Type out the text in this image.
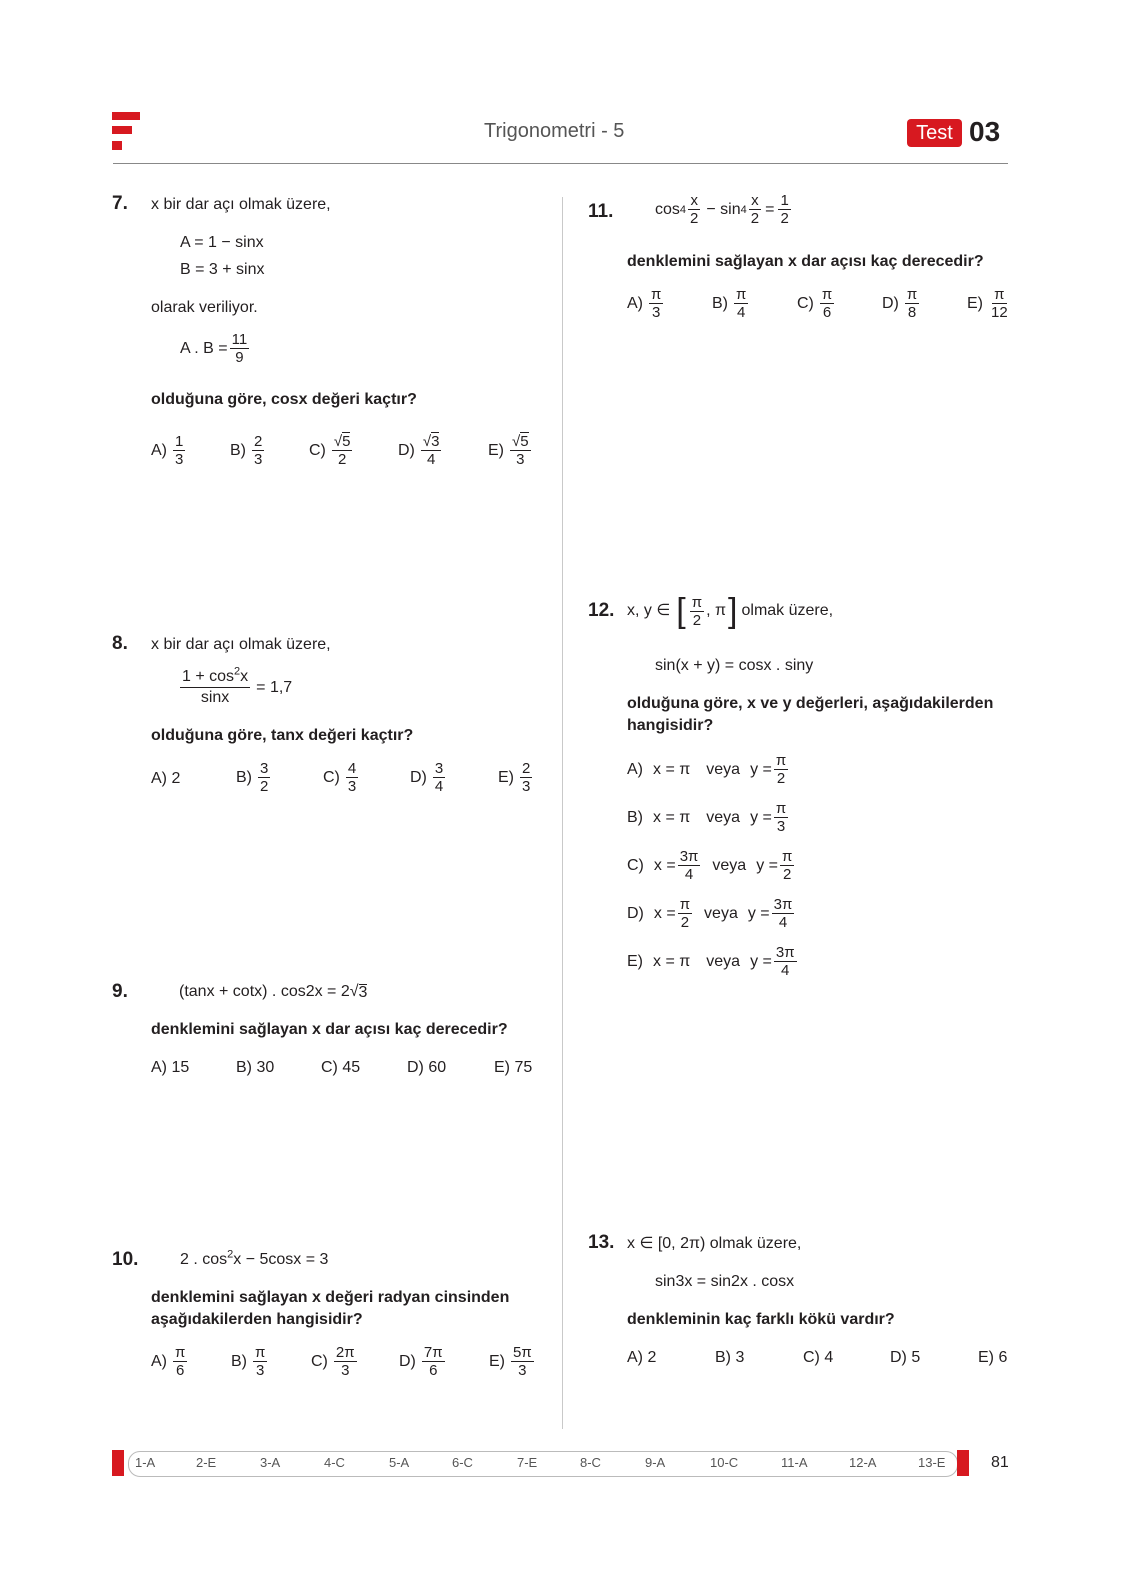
Trigonometri - 5	Test 03
7. x bir dar açı olmak üzere,
A = 1 − sinx
B = 3 + sinx
olarak veriliyor.
A . $B = \frac{11}{9}$
olduğuna göre, cosx değeri kaçtır?
$A) \frac{1}{3}$	$B) \frac{2}{3}$	$C) \frac{√5}{2}$	$D) \frac{√3}{4}$	$E) \frac{√5}{3}$
8. x bir dar açı olmak üzere,
$\frac{1 + \cos^2x}{\sin x} = 1,7$
olduğuna göre, tanx değeri kaçtır?
A) 2	$B) \frac{3}{2}$	$C) \frac{4}{3}$	$D) \frac{3}{4}$	$E) \frac{2}{3}$
9.	(tanx + cotx) . cos2x = 2 √ 3
denklemini sağlayan x dar açısı kaç derecedir?
A) 15	B) 30	C) 45	D) 60	E) 75
10.	2 . $\cos^2x - 5\cos x = 3$
denklemini sağlayan x değeri radyan cinsinden
aşağıdakilerden hangisidir?
$A) \frac{\pi}{6}$	$B) \frac{\pi}{3}$	$C) \frac{2\pi}{3}$	$D) \frac{7\pi}{6}$	$E) \frac{5\pi}{3}$
11.	$\cos 4 \frac{x}{2} - \sin 4 \frac{x}{2} = \frac{1}{2}$
denklemini sağlayan x dar açısı kaç derecedir?
$A) \frac{\pi}{3}$	$B) \frac{\pi}{4}$	$C) \frac{\pi}{6}$	$D) \frac{\pi}{8}$	$E) \frac{\pi}{12}$
12. x, y ∈ [ $\frac{\pi}{2}$ , π ] olmak üzere,
sin(x + y) = cosx . siny
olduğuna göre, x ve y değerleri, aşağıdakilerden
hangisidir?
A) x = π veya $y = \frac{\pi}{2}$
B) x = π veya $y = \frac{\pi}{3}$
C) $x = \frac{3\pi}{4}$ veya $y = \frac{\pi}{2}$
D) $x = \frac{\pi}{2}$ veya $y = \frac{3\pi}{4}$
E) x = π veya $y = \frac{3\pi}{4}$
13. x ∈ [0, 2π) olmak üzere,
sin3x = sin2x . cosx
denkleminin kaç farklı kökü vardır?
A) 2	B) 3	C) 4	D) 5	E) 6
1-A	2-E	3-A	4-C	5-A	6-C	7-E	8-C	9-A	10-C	11-A	12-A	13-E	81
